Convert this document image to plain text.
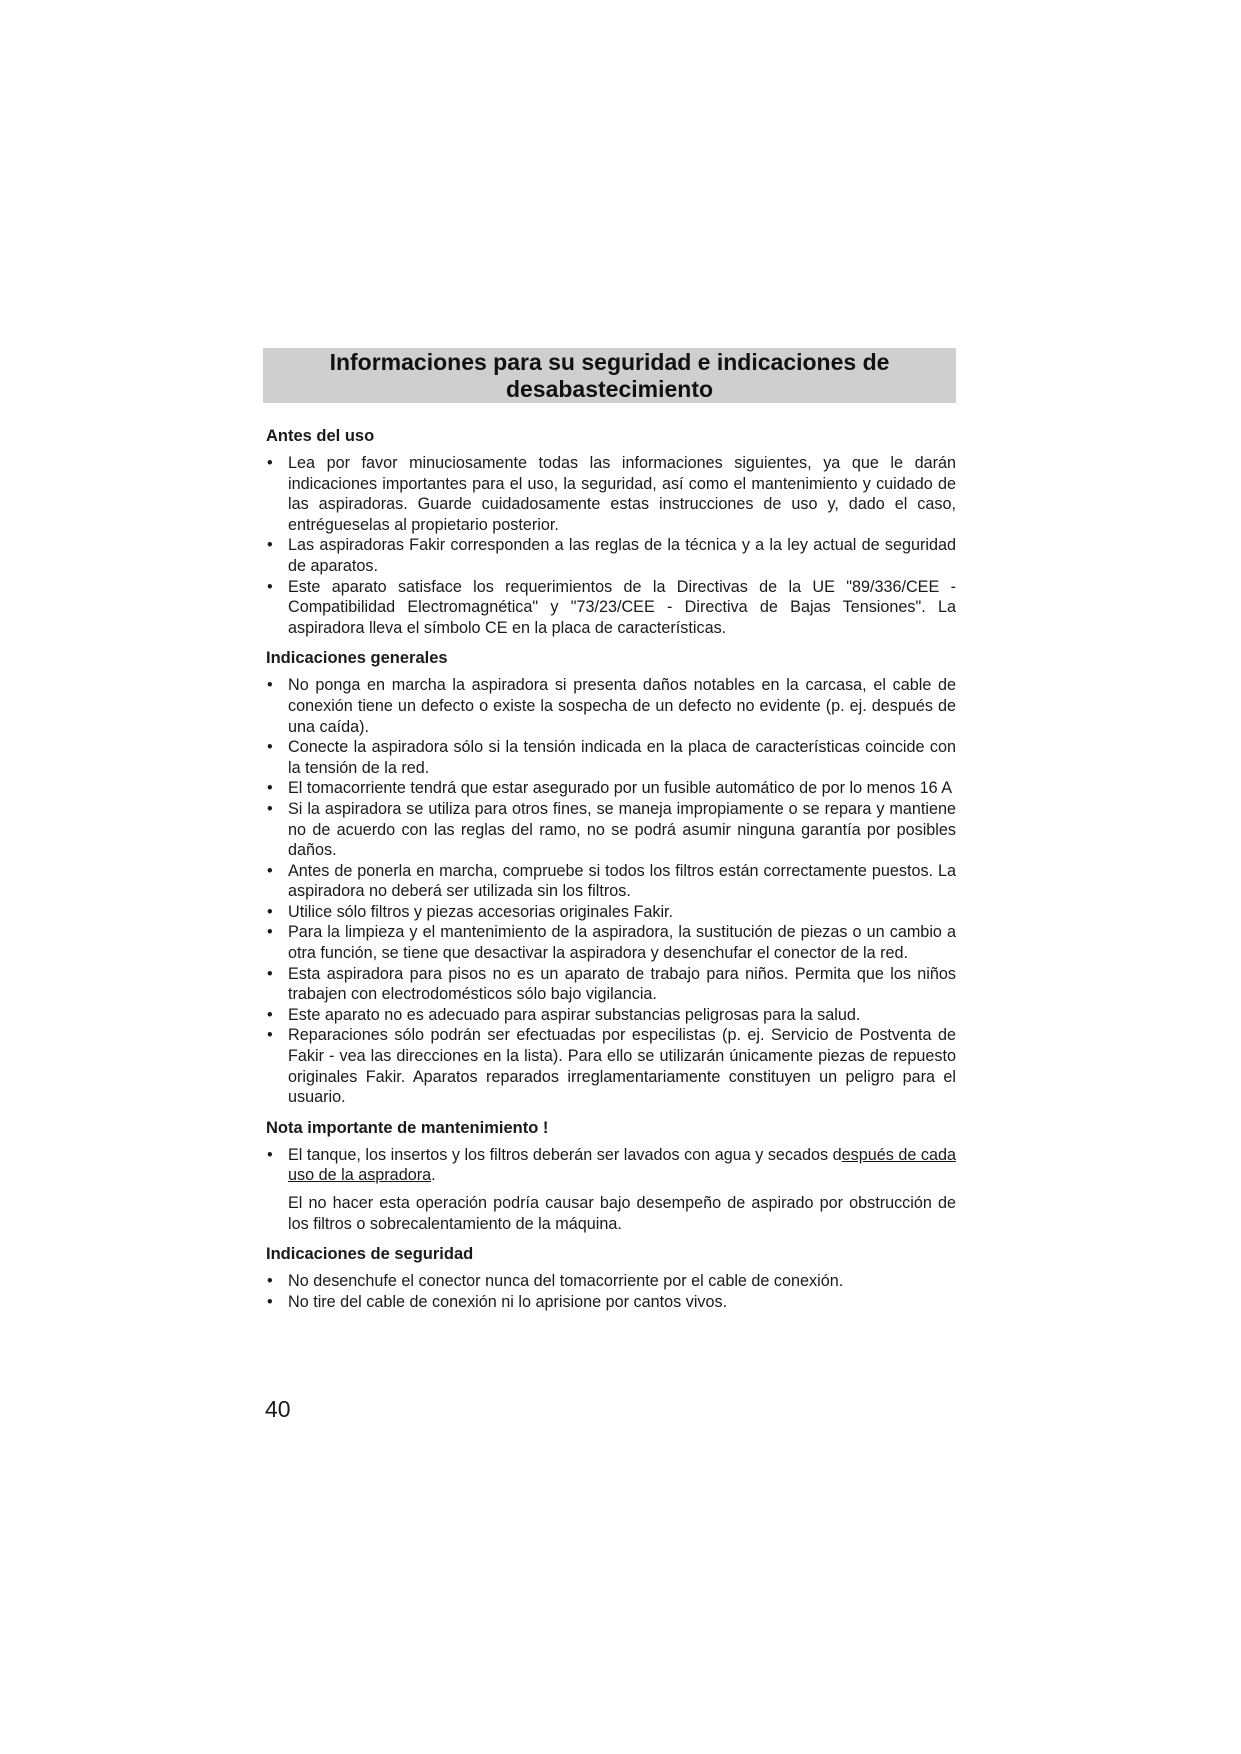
Informaciones para su seguridad e indicaciones de desabastecimiento
Antes del uso
• Lea por favor minuciosamente todas las informaciones siguientes, ya que le darán indicaciones importantes para el uso, la seguridad, así como el mantenimiento y cuidado de las aspiradoras. Guarde cuidadosamente estas instrucciones de uso y, dado el caso, entrégueselas al propietario posterior.
• Las aspiradoras Fakir corresponden a las reglas de la técnica y a la ley actual de seguridad de aparatos.
• Este aparato satisface los requerimientos de la Directivas de la UE "89/336/CEE - Compatibilidad Electromagnética" y "73/23/CEE - Directiva de Bajas Tensiones". La aspiradora lleva el símbolo CE en la placa de características.
Indicaciones generales
• No ponga en marcha la aspiradora si presenta daños notables en la carcasa, el cable de conexión tiene un defecto o existe la sospecha de un defecto no evidente (p. ej. después de una caída).
• Conecte la aspiradora sólo si la tensión indicada en la placa de características coincide con la tensión de la red.
• El tomacorriente tendrá que estar asegurado por un fusible automático de por lo menos 16 A
• Si la aspiradora se utiliza para otros fines, se maneja impropiamente o se repara y mantiene no de acuerdo con las reglas del ramo, no se podrá asumir ninguna garantía por posibles daños.
• Antes de ponerla en marcha, compruebe si todos los filtros están correctamente puestos. La aspiradora no deberá ser utilizada sin los filtros.
• Utilice sólo filtros y piezas accesorias originales Fakir.
• Para la limpieza y el mantenimiento de la aspiradora, la sustitución de piezas o un cambio a otra función, se tiene que desactivar la aspiradora y desenchufar el conector de la red.
• Esta aspiradora para pisos no es un aparato de trabajo para niños. Permita que los niños trabajen con electrodomésticos sólo bajo vigilancia.
• Este aparato no es adecuado para aspirar substancias peligrosas para la salud.
• Reparaciones sólo podrán ser efectuadas por especilistas (p. ej. Servicio de Postventa de Fakir - vea las direcciones en la lista). Para ello se utilizarán únicamente piezas de repuesto originales Fakir. Aparatos reparados irreglamentariamente constituyen un peligro para el usuario.
Nota importante de mantenimiento !
• El tanque, los insertos y los filtros deberán ser lavados con agua y secados después de cada uso de la aspradora.
El no hacer esta operación podría causar bajo desempeño de aspirado por obstrucción de los filtros o sobrecalentamiento de la máquina.
Indicaciones de seguridad
• No desenchufe el conector nunca del tomacorriente por el cable de conexión.
• No tire del cable de conexión ni lo aprisione por cantos vivos.
40
